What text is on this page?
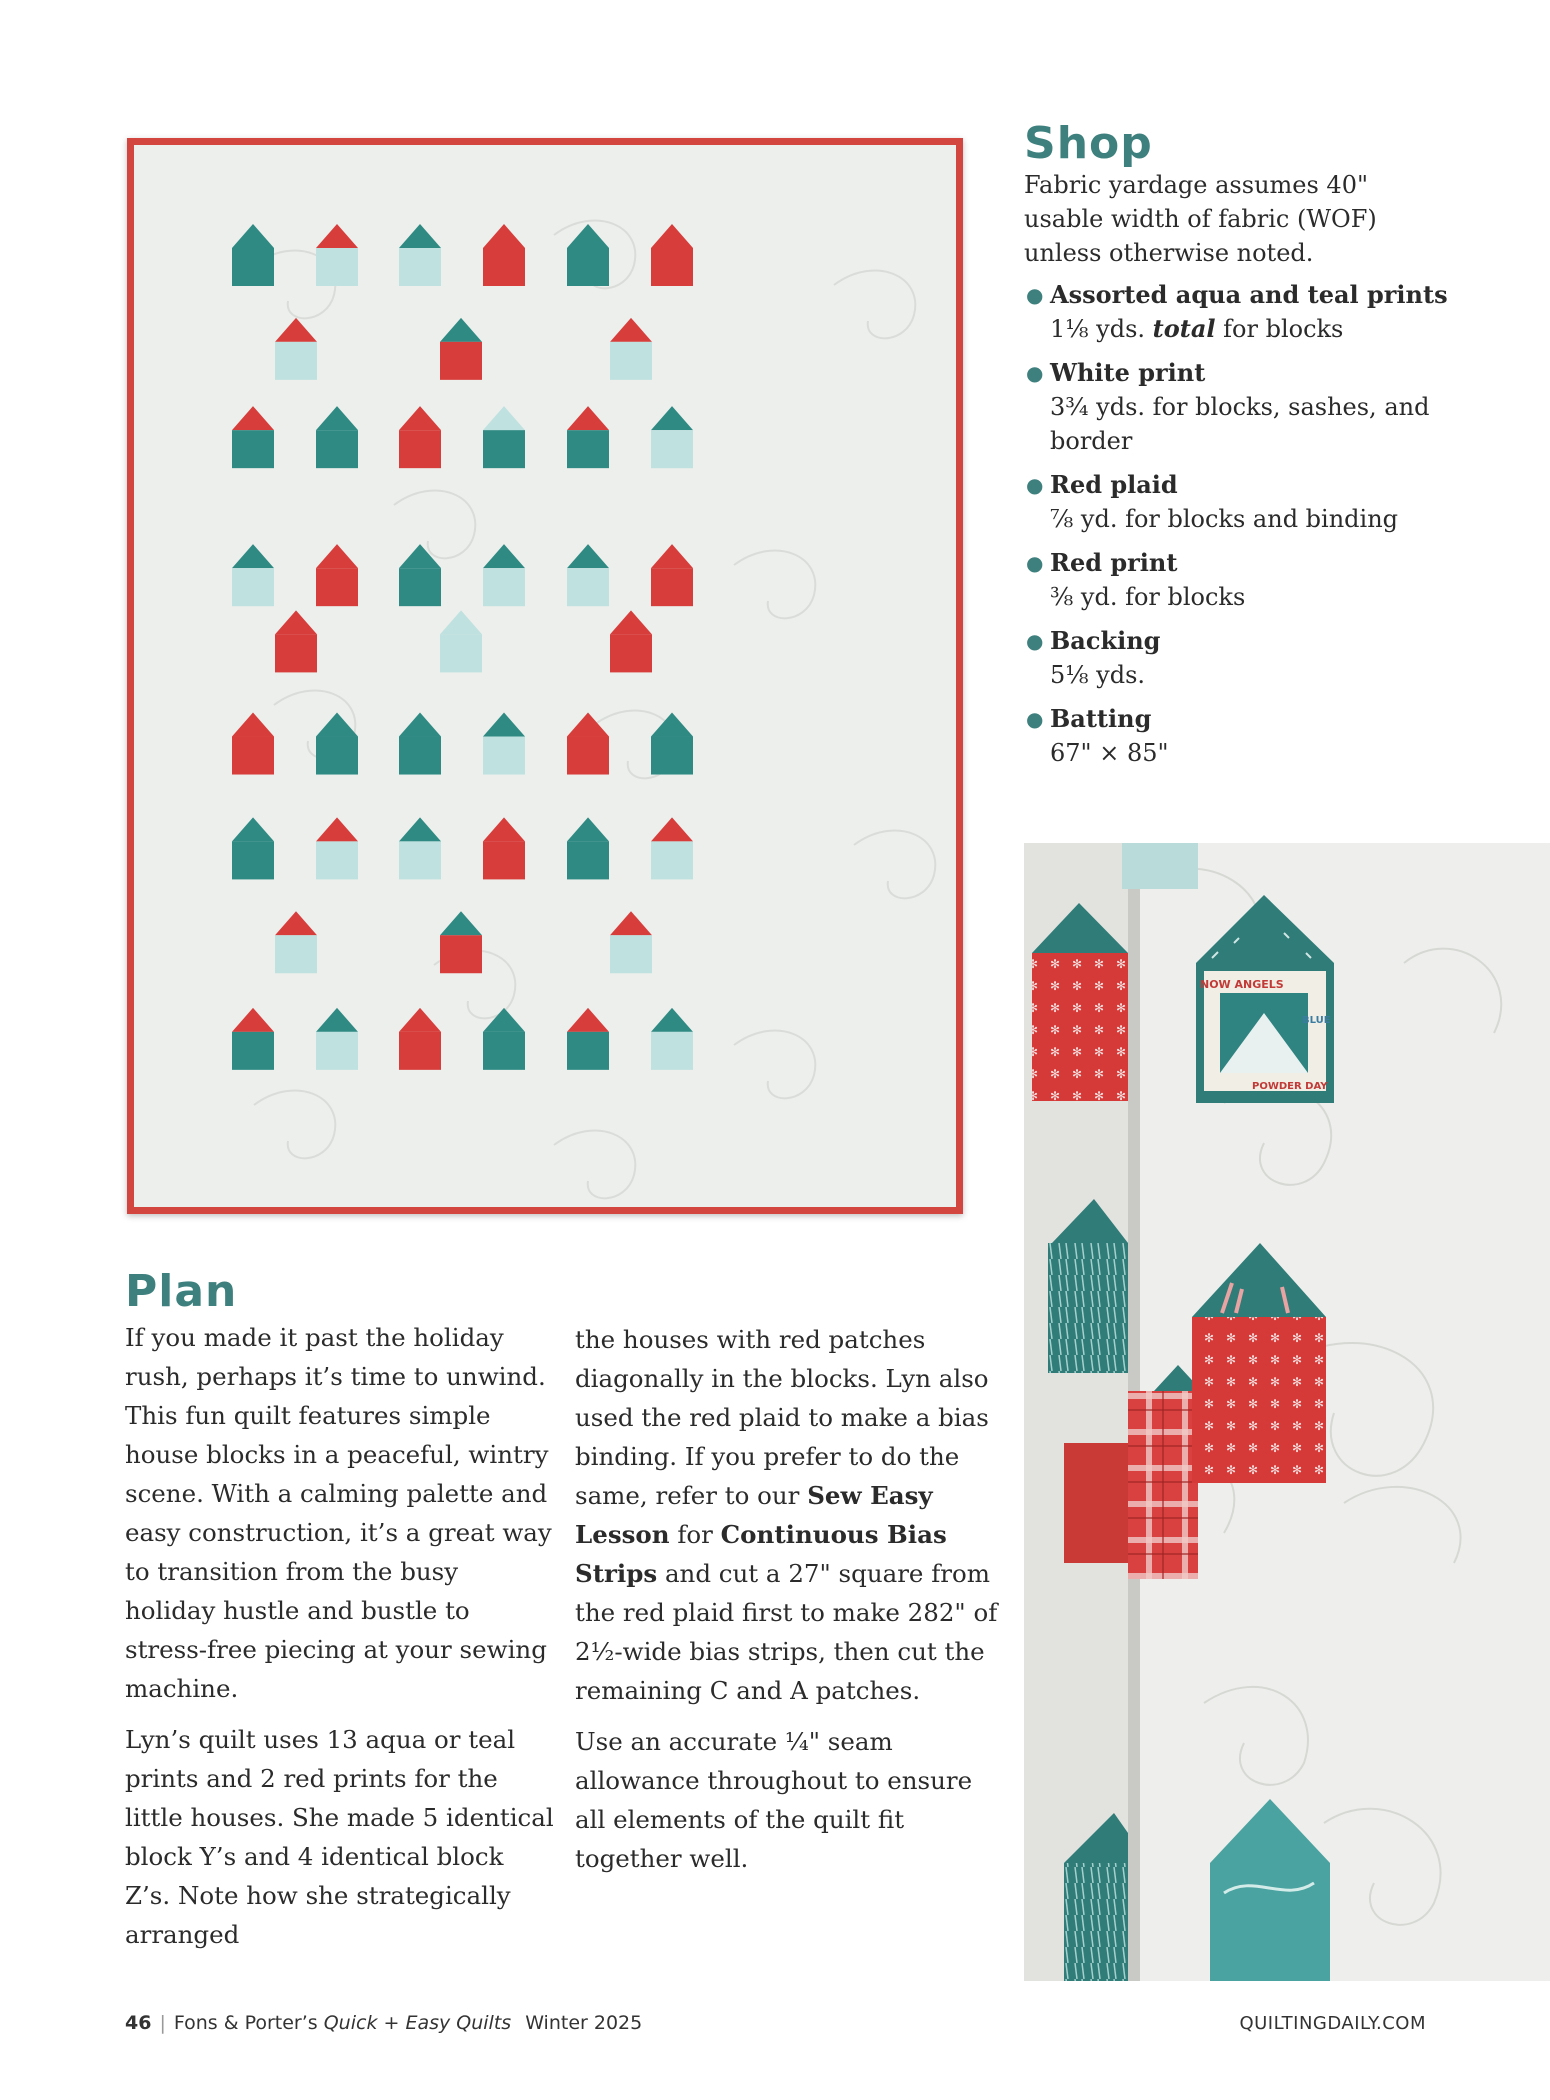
Shop

Fabric yardage assumes 40" usable width of fabric (WOF) unless otherwise noted.

● Assorted aqua and teal prints
1⅛ yds. total for blocks
● White print
3¾ yds. for blocks, sashes, and border
● Red plaid
⅞ yd. for blocks and binding
● Red print
⅜ yd. for blocks
● Backing
5⅛ yds.
● Batting
67" × 85"
NOW ANGELS
BLUE
POWDER DAY
Plan

If you made it past the holiday rush, perhaps it’s time to unwind. This fun quilt features simple house blocks in a peaceful, wintry scene. With a calming palette and easy construction, it’s a great way to transition from the busy holiday hustle and bustle to stress-free piecing at your sewing machine.

Lyn’s quilt uses 13 aqua or teal prints and 2 red prints for the little houses. She made 5 identical block Y’s and 4 identical block Z’s. Note how she strategically arranged

the houses with red patches diagonally in the blocks. Lyn also used the red plaid to make a bias binding. If you prefer to do the same, refer to our Sew Easy Lesson for Continuous Bias Strips and cut a 27" square from the red plaid first to make 282" of 2½-wide bias strips, then cut the remaining C and A patches.

Use an accurate ¼" seam allowance throughout to ensure all elements of the quilt fit together well.

46 | Fons & Porter’s Quick + Easy Quilts Winter 2025	QUILTINGDAILY.COM
